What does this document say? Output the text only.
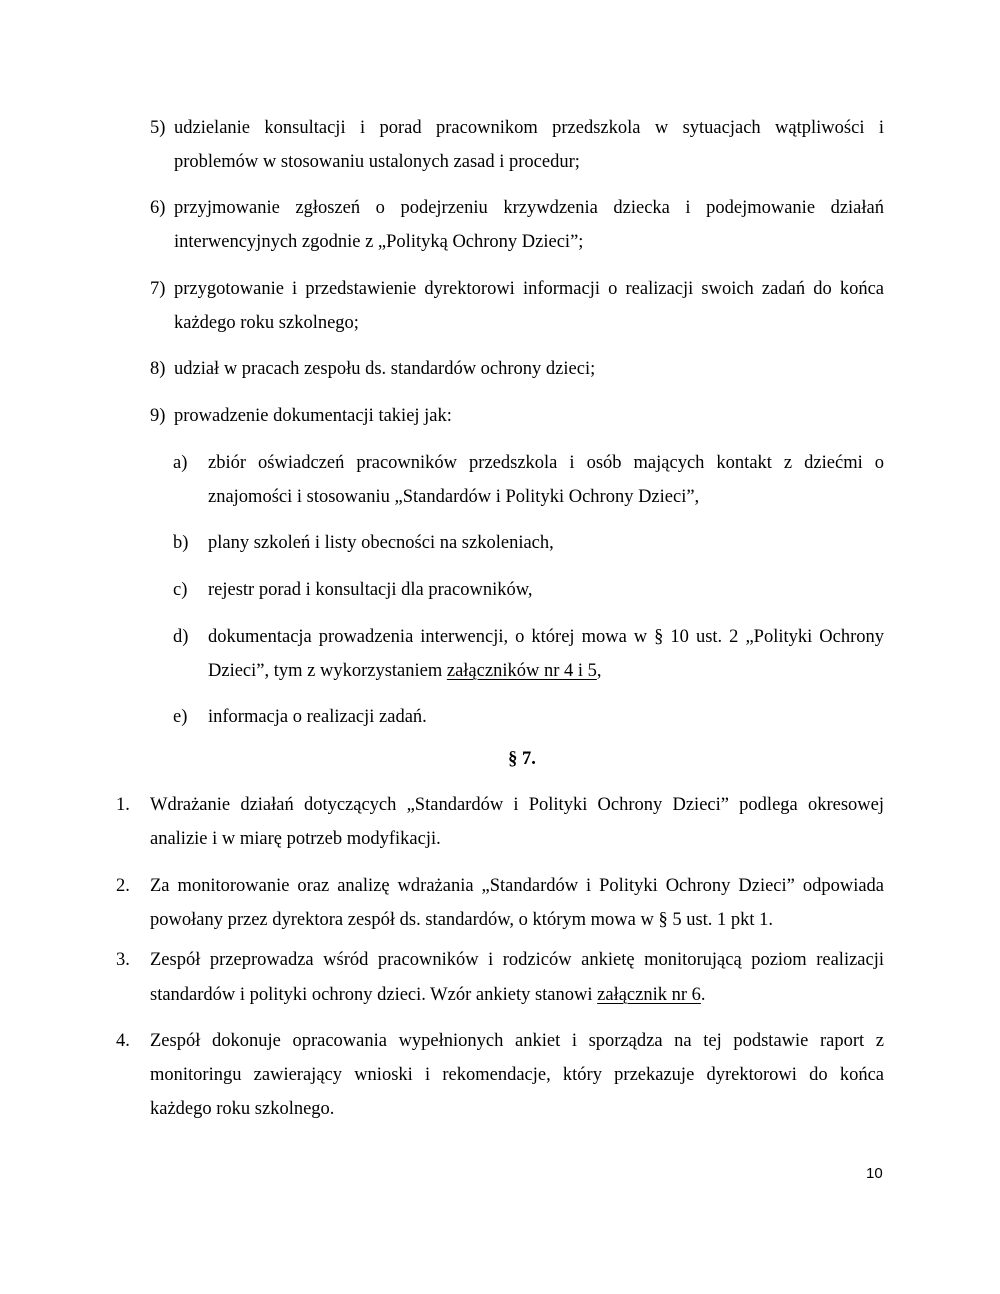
5) udzielanie konsultacji i porad pracownikom przedszkola w sytuacjach wątpliwości i
problemów w stosowaniu ustalonych zasad i procedur;
6) przyjmowanie zgłoszeń o podejrzeniu krzywdzenia dziecka i podejmowanie działań
interwencyjnych zgodnie z „Polityką Ochrony Dzieci”;
7) przygotowanie i przedstawienie dyrektorowi informacji o realizacji swoich zadań do końca
każdego roku szkolnego;
8) udział w pracach zespołu ds. standardów ochrony dzieci;
9) prowadzenie dokumentacji takiej jak:
a) zbiór oświadczeń pracowników przedszkola i osób mających kontakt z dziećmi o
znajomości i stosowaniu „Standardów i Polityki Ochrony Dzieci”,
b) plany szkoleń i listy obecności na szkoleniach,
c) rejestr porad i konsultacji dla pracowników,
d) dokumentacja prowadzenia interwencji, o której mowa w § 10 ust. 2 „Polityki Ochrony
Dzieci”, tym z wykorzystaniem załączników nr 4 i 5,
e) informacja o realizacji zadań.
§ 7.
1. Wdrażanie działań dotyczących „Standardów i Polityki Ochrony Dzieci” podlega okresowej
analizie i w miarę potrzeb modyfikacji.
2. Za monitorowanie oraz analizę wdrażania „Standardów i Polityki Ochrony Dzieci” odpowiada
powołany przez dyrektora zespół ds. standardów, o którym mowa w § 5 ust. 1 pkt 1.
3. Zespół przeprowadza wśród pracowników i rodziców ankietę monitorującą poziom realizacji
standardów i polityki ochrony dzieci. Wzór ankiety stanowi załącznik nr 6.
4. Zespół dokonuje opracowania wypełnionych ankiet i sporządza na tej podstawie raport z
monitoringu zawierający wnioski i rekomendacje, który przekazuje dyrektorowi do końca
każdego roku szkolnego.
10
